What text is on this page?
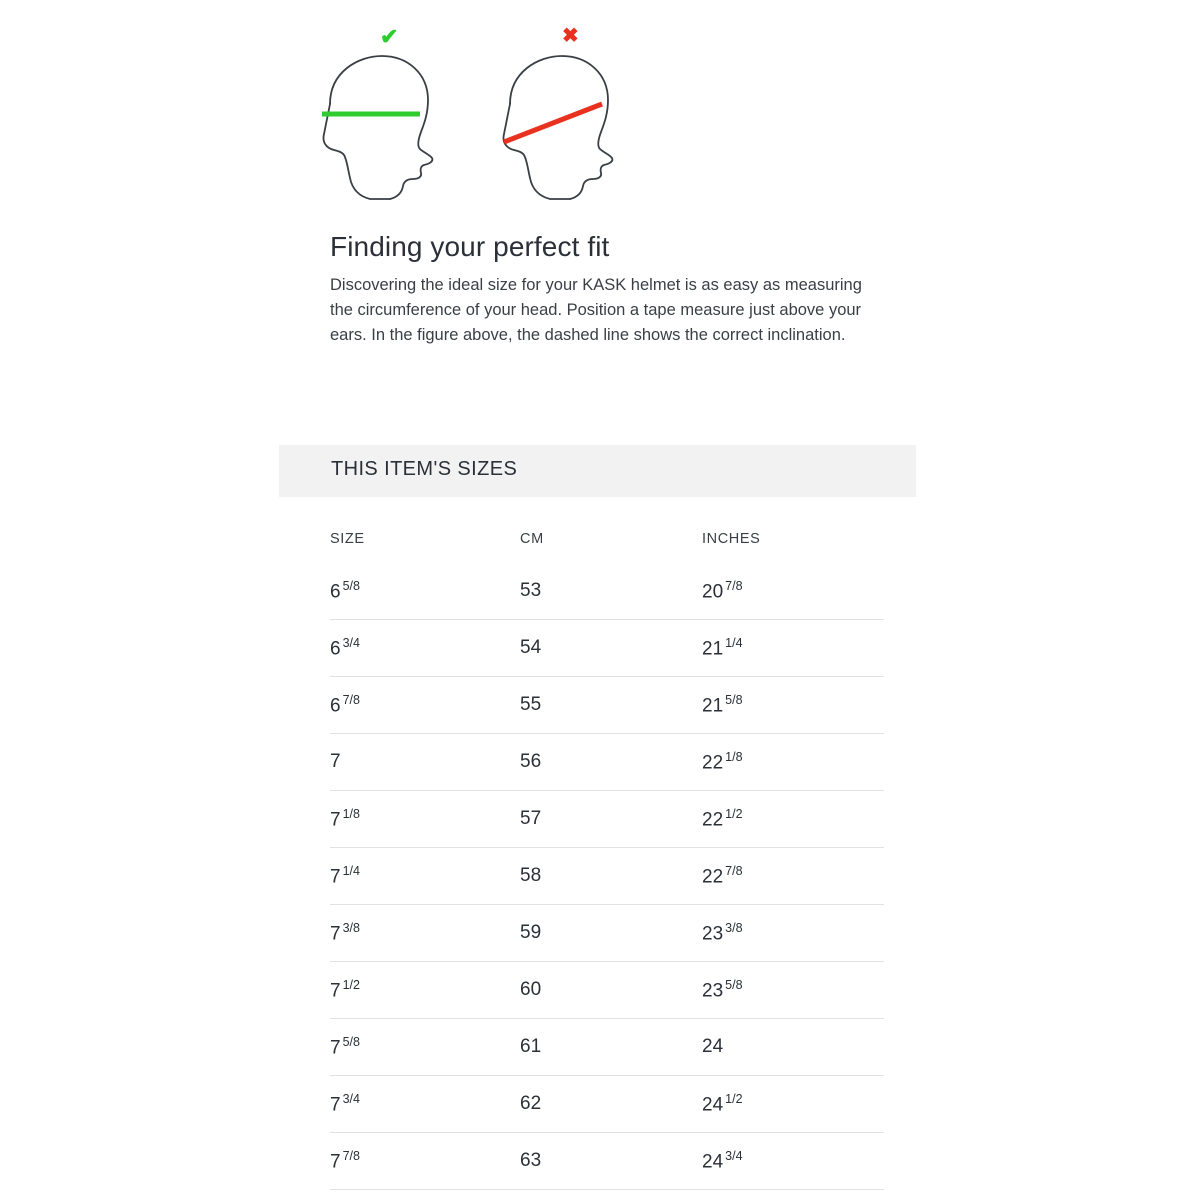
✔	✖
Finding your perfect fit

Discovering the ideal size for your KASK helmet is as easy as measuring the circumference of your head. Position a tape measure just above your ears. In the figure above, the dashed line shows the correct inclination.

THIS ITEM'S SIZES
SIZE	CM	INCHES
6 $^{5/8}$	53	20 $^{7/8}$
6 $^{3/4}$	54	21 $^{1/4}$
6 $^{7/8}$	55	21 $^{5/8}$
7	56	22 $^{1/8}$
7 $^{1/8}$	57	22 $^{1/2}$
7 $^{1/4}$	58	22 $^{7/8}$
7 $^{3/8}$	59	23 $^{3/8}$
7 $^{1/2}$	60	23 $^{5/8}$
7 $^{5/8}$	61	24
7 $^{3/4}$	62	24 $^{1/2}$
7 $^{7/8}$	63	24 $^{3/4}$
